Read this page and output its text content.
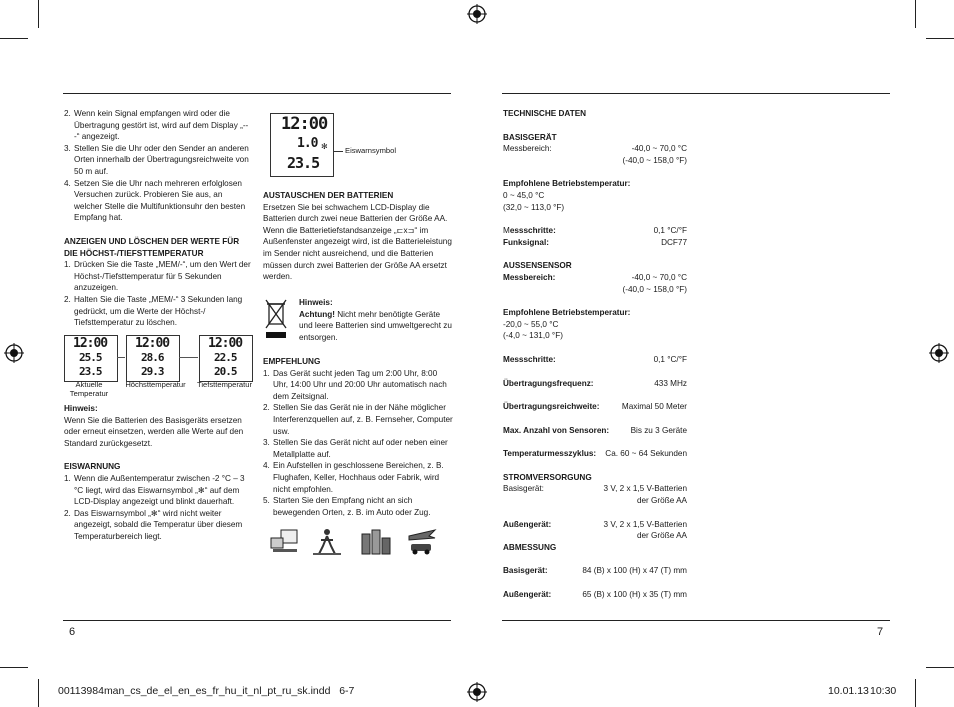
6	7
00113984man_cs_de_el_en_es_fr_hu_it_nl_pt_ru_sk.indd   6-7	10.01.13 10:30
2. Wenn kein Signal empfangen wird oder die Übertragung gestört ist, wird auf dem Display „---“ angezeigt.
3. Stellen Sie die Uhr oder den Sender an anderen Orten innerhalb der Übertragungsreichweite von 50 m auf.
4. Setzen Sie die Uhr nach mehreren erfolglosen Versuchen zurück. Probieren Sie aus, an welcher Stelle die Multifunktionsuhr den besten Empfang hat.
ANZEIGEN UND LÖSCHEN DER WERTE FÜR DIE HÖCHST-/TIEFSTTEMPERATUR
1. Drücken Sie die Taste „MEM/-“, um den Wert der Höchst-/Tiefsttemperatur für 5 Sekunden anzuzeigen.
2. Halten Sie die Taste „MEM/-“ 3 Sekunden lang gedrückt, um die Werte der Höchst-/ Tiefsttemperatur zu löschen.
12:00
25.5
23.5
12:00
28.6
29.3
12:00
22.5
20.5
Aktuelle Temperatur
Höchsttemperatur	Tiefsttemperatur
Hinweis:
Wenn Sie die Batterien des Basisgeräts ersetzen oder erneut einsetzen, werden alle Werte auf den Standard zurückgesetzt.
EISWARNUNG
1. Wenn die Außentemperatur zwischen -2 °C – 3 °C liegt, wird das Eiswarnsymbol „✻“ auf dem LCD-Display angezeigt und blinkt dauerhaft.
2. Das Eiswarnsymbol „✻“ wird nicht weiter angezeigt, sobald die Temperatur über diesem Temperaturbereich liegt.
12:00
1.0 ✻
23.5
Eiswarnsymbol
AUSTAUSCHEN DER BATTERIEN
Ersetzen Sie bei schwachem LCD-Display die Batterien durch zwei neue Batterien der Größe AA. Wenn die Batterietiefstandsanzeige „⊏x⊐“ im Außenfenster angezeigt wird, ist die Batterieleistung im Sender nicht ausreichend, und die Batterien müssen durch zwei Batterien der Größe AA ersetzt werden.
Hinweis:
Achtung! Nicht mehr benötigte Geräte und leere Batterien sind umweltgerecht zu entsorgen.
EMPFEHLUNG
1. Das Gerät sucht jeden Tag um 2:00 Uhr, 8:00 Uhr, 14:00 Uhr und 20:00 Uhr automatisch nach dem Zeitsignal.
2. Stellen Sie das Gerät nie in der Nähe möglicher Interferenzquellen auf, z. B. Fernseher, Computer usw.
3. Stellen Sie das Gerät nicht auf oder neben einer Metallplatte auf.
4. Ein Aufstellen in geschlossene Bereichen, z. B. Flughafen, Keller, Hochhaus oder Fabrik, wird nicht empfohlen.
5. Starten Sie den Empfang nicht an sich bewegenden Orten, z. B. im Auto oder Zug.
TECHNISCHE DATEN
BASISGERÄT
Messbereich:	-40,0 ~ 70,0 °C
(-40,0 ~ 158,0 °F)
Empfohlene Betriebstemperatur:
0 ~ 45,0 °C
(32,0 ~ 113,0 °F)
Messschritte:	0,1 °C/°F
Funksignal:	DCF77
AUSSENSENSOR
Messbereich:	-40,0 ~ 70,0 °C
(-40,0 ~ 158,0 °F)
Empfohlene Betriebstemperatur:
-20,0 ~ 55,0 °C
(-4,0 ~ 131,0 °F)
Messschritte:	0,1 °C/°F
Übertragungsfrequenz:	433 MHz
Übertragungsreichweite:	Maximal 50 Meter
Max. Anzahl von Sensoren:	Bis zu 3 Geräte
Temperaturmesszyklus: Ca. 60 ~ 64 Sekunden
STROMVERSORGUNG
Basisgerät:	3 V, 2 x 1,5 V-Batterien
der Größe AA
Außengerät:	3 V, 2 x 1,5 V-Batterien
der Größe AA
ABMESSUNG
Basisgerät:	84 (B) x 100 (H) x 47 (T) mm
Außengerät:	65 (B) x 100 (H) x 35 (T) mm
